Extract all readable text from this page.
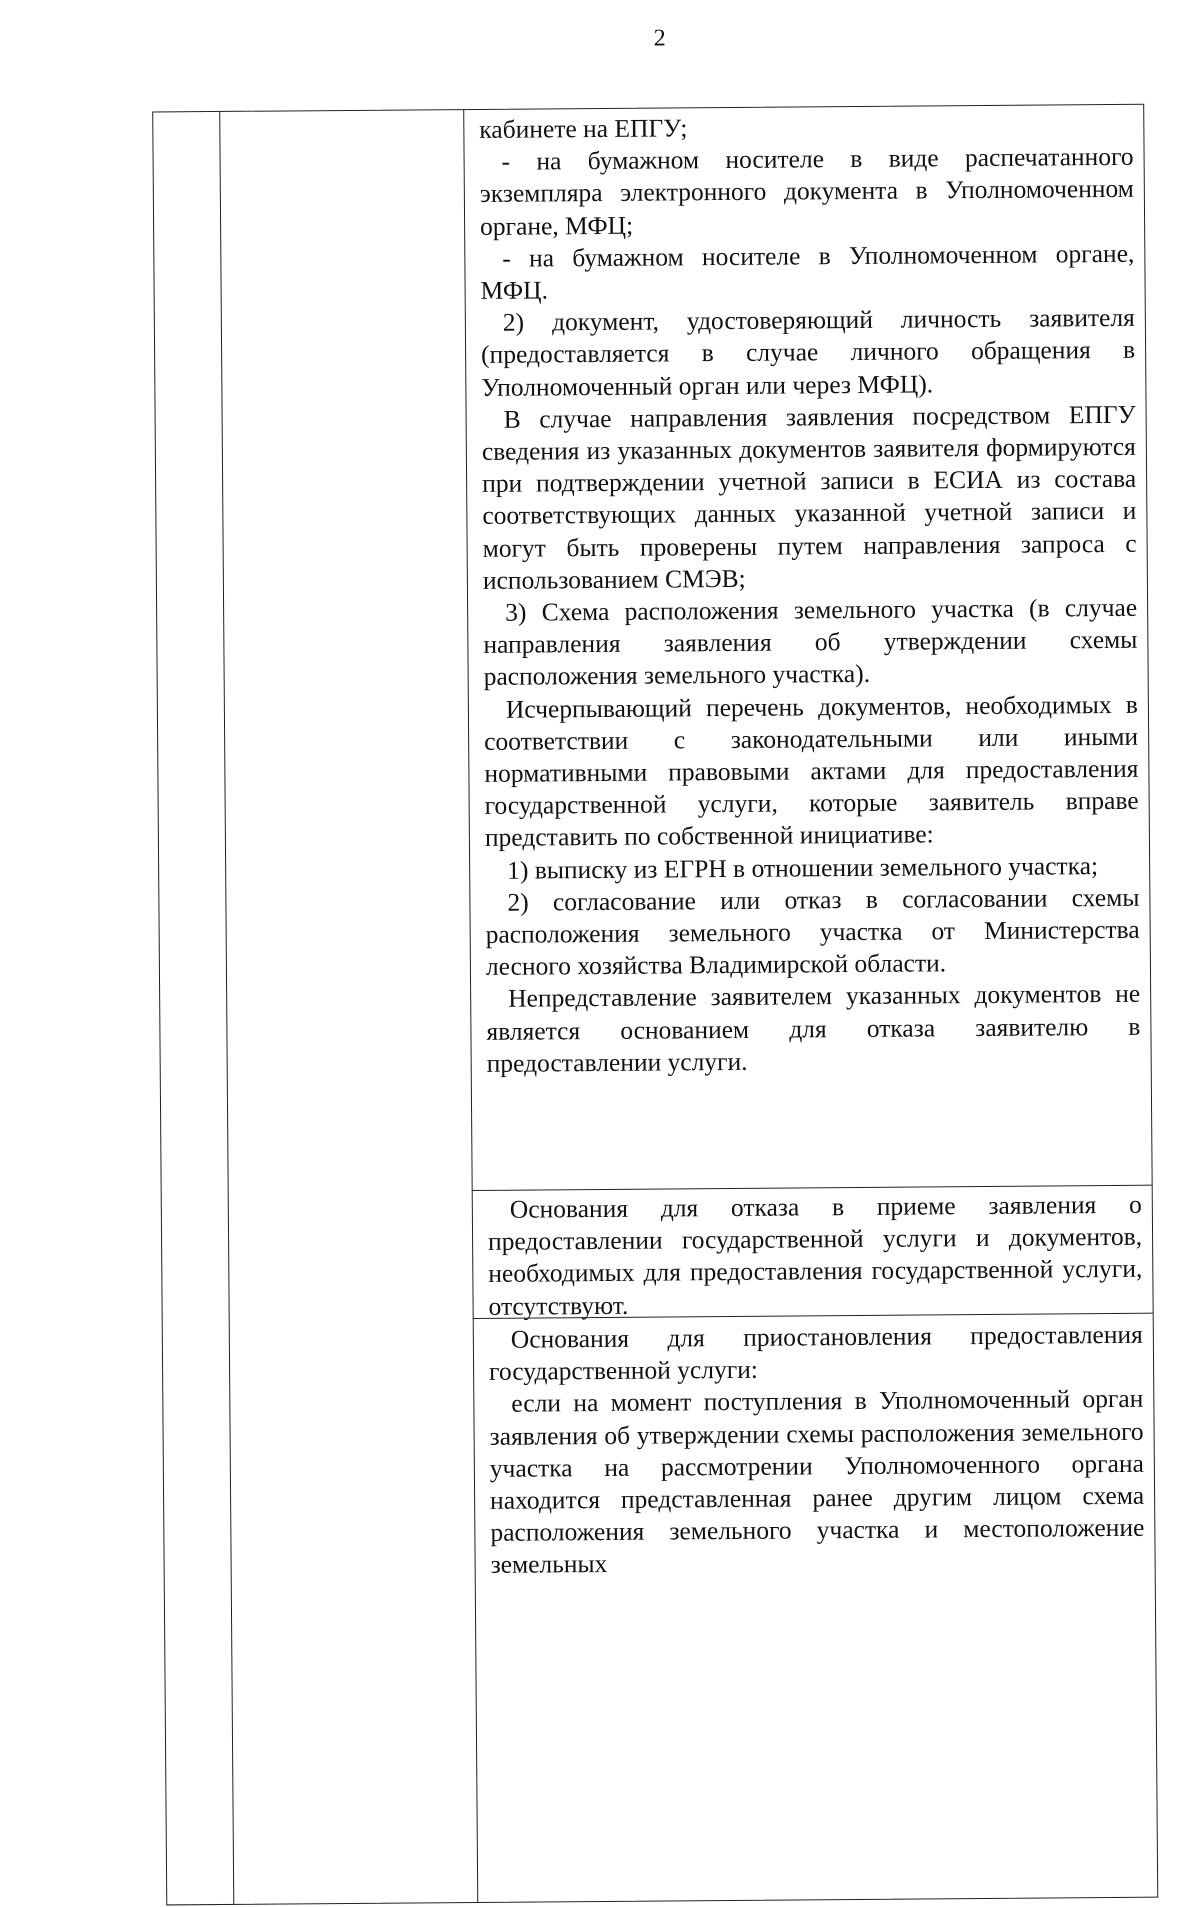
2

кабинете на ЕПГУ;

- на бумажном носителе в виде распечатанного экземпляра электронного документа в Уполномоченном органе, МФЦ;

- на бумажном носителе в Уполномоченном органе, МФЦ.

2) документ, удостоверяющий личность заявителя (предоставляется в случае личного обращения в Уполномоченный орган или через МФЦ).

В случае направления заявления посредством ЕПГУ сведения из указанных документов заявителя формируются при подтверждении учетной записи в ЕСИА из состава соответствующих данных указанной учетной записи и могут быть проверены путем направления запроса с использованием СМЭВ;

3) Схема расположения земельного участка (в случае направления заявления об утверждении схемы расположения земельного участка).

Исчерпывающий перечень документов, необходимых в соответствии с законодательными или иными нормативными правовыми актами для предоставления государственной услуги, которые заявитель вправе представить по собственной инициативе:

1) выписку из ЕГРН в отношении земельного участка;

2) согласование или отказ в согласовании схемы расположения земельного участка от Министерства лесного хозяйства Владимирской области.

Непредставление заявителем указанных документов не является основанием для отказа заявителю в предоставлении услуги.

Основания для отказа в приеме заявления о предоставлении государственной услуги и документов, необходимых для предоставления государственной услуги, отсутствуют.

Основания для приостановления предоставления государственной услуги:

если на момент поступления в Уполномоченный орган заявления об утверждении схемы расположения земельного участка на рассмотрении Уполномоченного органа находится представленная ранее другим лицом схема расположения земельного участка и местоположение земельных
